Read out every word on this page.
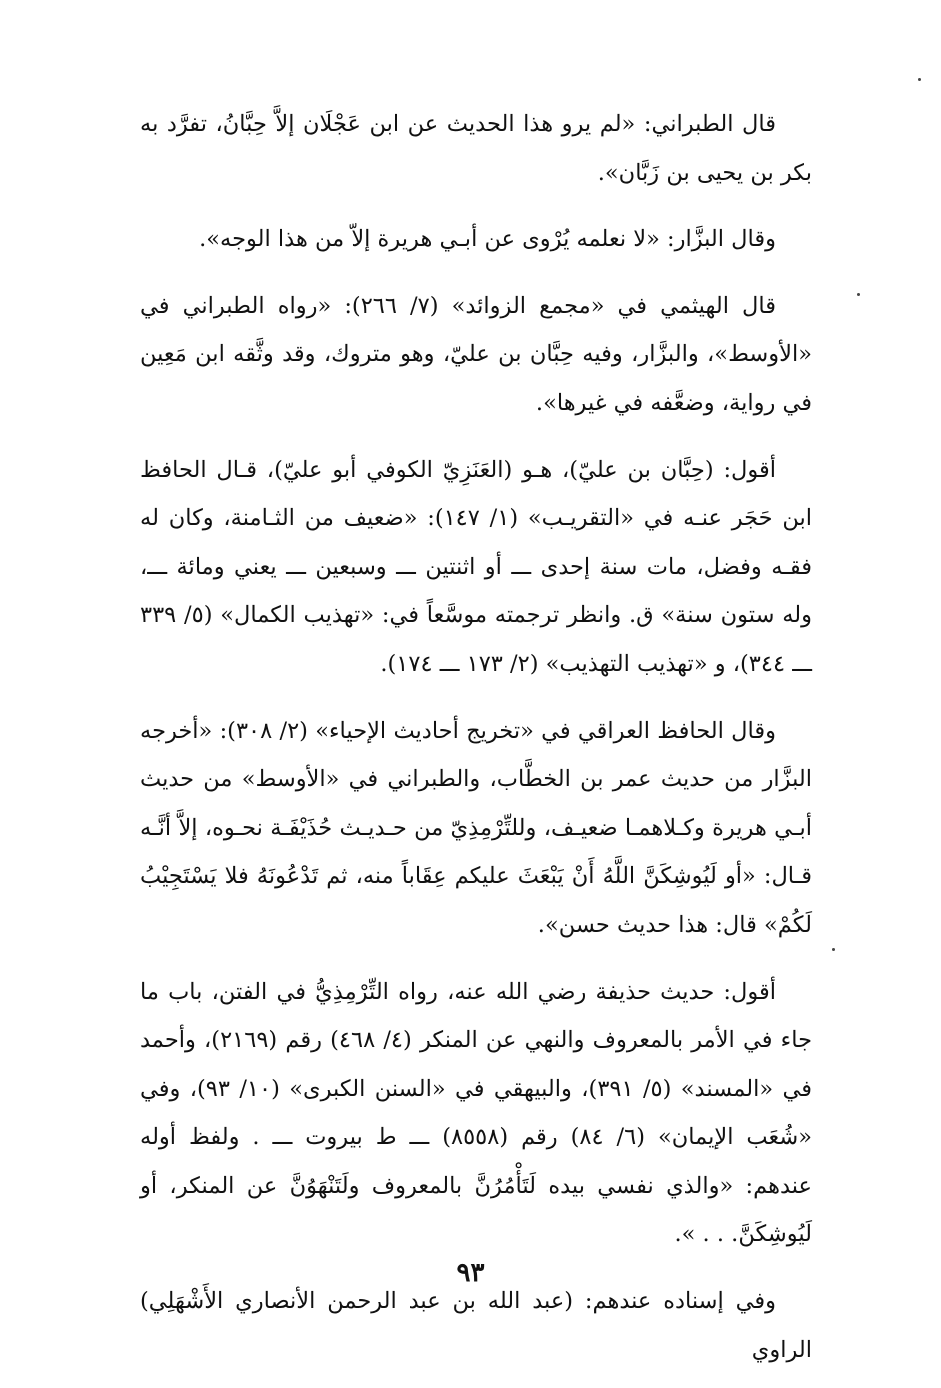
قال الطبراني: «لم يرو هذا الحديث عن ابن عَجْلَان إلاَّ حِبَّانُ، تفرَّد به بكر بن يحيى بن زَبَّان».

وقال البزَّار: «لا نعلمه يُرْوى عن أبـي هريرة إلاّ من هذا الوجه».

قال الهيثمي في «مجمع الزوائد» (٧/ ٢٦٦): «رواه الطبراني في «الأوسط»، والبزَّار، وفيه حِبَّان بن عليّ، وهو متروك، وقد وثَّقه ابن مَعِين في رواية، وضعَّفه في غيرها».

أقول: (حِبَّان بن عليّ)، هـو (العَنَزِيّ الكوفي أبو عليّ)، قـال الحافظ ابن حَجَر عنـه في «التقريـب» (١/ ١٤٧): «ضعيف من الثـامنة، وكان له فقـه وفضل، مات سنة إحدى ـــ أو اثنتين ـــ وسبعين ـــ يعني ومائة ـــ، وله ستون سنة» ق. وانظر ترجمته موسَّعاً في: «تهذيب الكمال» (٥/ ٣٣٩ ـــ ٣٤٤)، و «تهذيب التهذيب» (٢/ ١٧٣ ـــ ١٧٤).

وقال الحافظ العراقي في «تخريج أحاديث الإحياء» (٢/ ٣٠٨): «أخرجه البزَّار من حديث عمر بن الخطَّاب، والطبراني في «الأوسط» من حديث أبـي هريرة وكـلاهمـا ضعيـف، وللتِّرْمِذِيّ من حـديـث حُذَيْفَـة نحـوه، إلاَّ أنَّـه قـال: «أو لَيُوشِكَنَّ اللَّهُ أَنْ يَبْعَثَ عليكم عِقَاباً منه، ثم تَدْعُونَهُ فلا يَسْتَجِيْبُ لَكُمْ» قال: هذا حديث حسن».

أقول: حديث حذيفة رضي الله عنه، رواه التِّرْمِذِيُّ في الفتن، باب ما جاء في الأمر بالمعروف والنهي عن المنكر (٤/ ٤٦٨) رقم (٢١٦٩)، وأحمد في «المسند» (٥/ ٣٩١)، والبيهقي في «السنن الكبرى» (١٠/ ٩٣)، وفي «شُعَب الإيمان» (٦/ ٨٤) رقم (٨٥٥٨) ـــ ط بيروت ـــ . ولفظ أوله عندهم: «والذي نفسي بيده لَتَأْمُرُنَّ بالمعروف ولَتَنْهَوُنَّ عن المنكر، أو لَيُوشِكَنَّ. . . ».

وفي إسناده عندهم: (عبد الله بن عبد الرحمن الأنصاري الأَشْهَلِي) الراوي

٩٣
